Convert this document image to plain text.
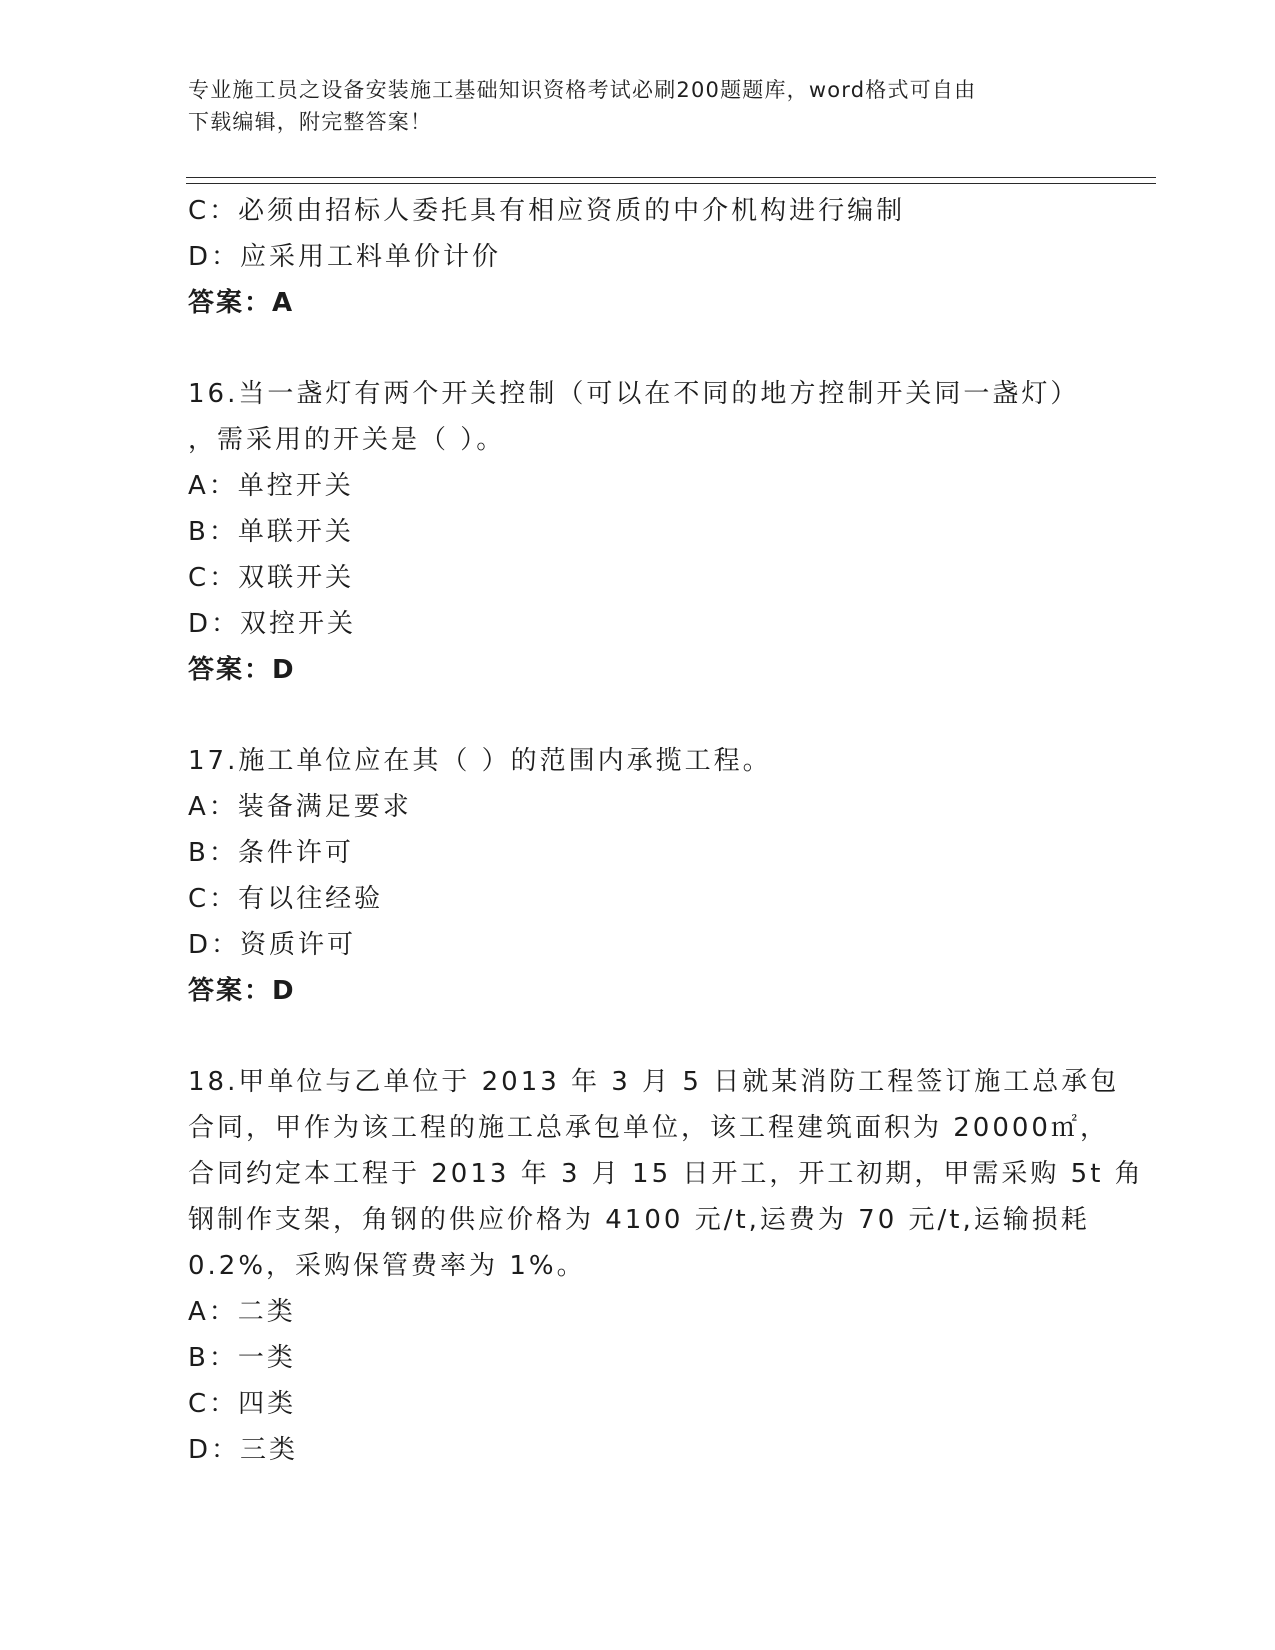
专业施工员之设备安装施工基础知识资格考试必刷200题题库，word格式可自由
下载编辑，附完整答案！
C：必须由招标人委托具有相应资质的中介机构进行编制
D：应采用工料单价计价
答案：A
16.当一盏灯有两个开关控制（可以在不同的地方控制开关同一盏灯）
，需采用的开关是（ ）。
A：单控开关
B：单联开关
C：双联开关
D：双控开关
答案：D
17.施工单位应在其（ ）的范围内承揽工程。
A：装备满足要求
B：条件许可
C：有以往经验
D：资质许可
答案：D
18.甲单位与乙单位于 2013 年 3 月 5 日就某消防工程签订施工总承包
合同，甲作为该工程的施工总承包单位，该工程建筑面积为 20000㎡，
合同约定本工程于 2013 年 3 月 15 日开工，开工初期，甲需采购 5t 角
钢制作支架，角钢的供应价格为 4100 元/t,运费为 70 元/t,运输损耗
0.2%，采购保管费率为 1%。
A：二类
B：一类
C：四类
D：三类
